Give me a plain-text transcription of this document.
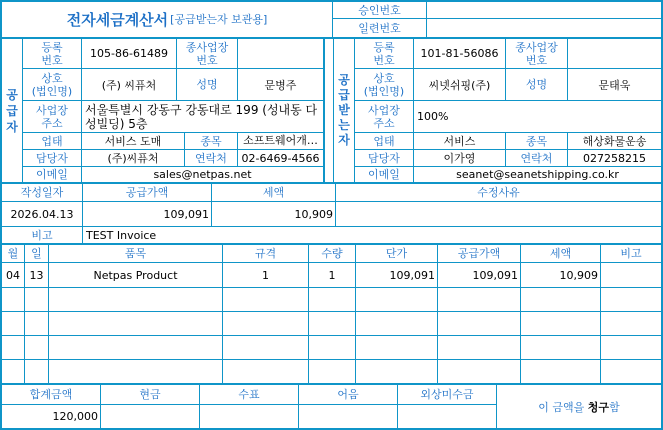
전자세금계산서 [공급받는자 보관용]
승인번호
일련번호
공
급
자
공
급
받
는
자
등록
번호	105-86-61489	종사업장
번호
상호
(법인명)	(주) 씨퓨처	성명	문병주
사업장
주소
서울특별시 강동구 강동대로 199 (성내동 다성빌딩) 5층
업태	서비스 도매	종목	소프트웨어개…
담당자	(주)씨퓨처	연락처	02-6469-4566
이메일	sales@netpas.net
등록
번호	101-81-56086	종사업장
번호
상호
(법인명)	씨넷쉬핑(주)	성명	문태욱
사업장
주소	100%
업태	서비스	종목	해상화물운송
담당자	이가영	연락처	027258215
이메일	seanet@seanetshipping.co.kr
작성일자	공급가액	세액	수정사유
2026.04.13	109,091	10,909
비고	TEST Invoice
월	일	품목	규격	수량	단가	공급가액	세액	비고
04 13	Netpas Product	1	1	109,091	109,091	10,909
합계금액	현금	수표	어음	외상미수금
120,000
이 금액을
청구 함
